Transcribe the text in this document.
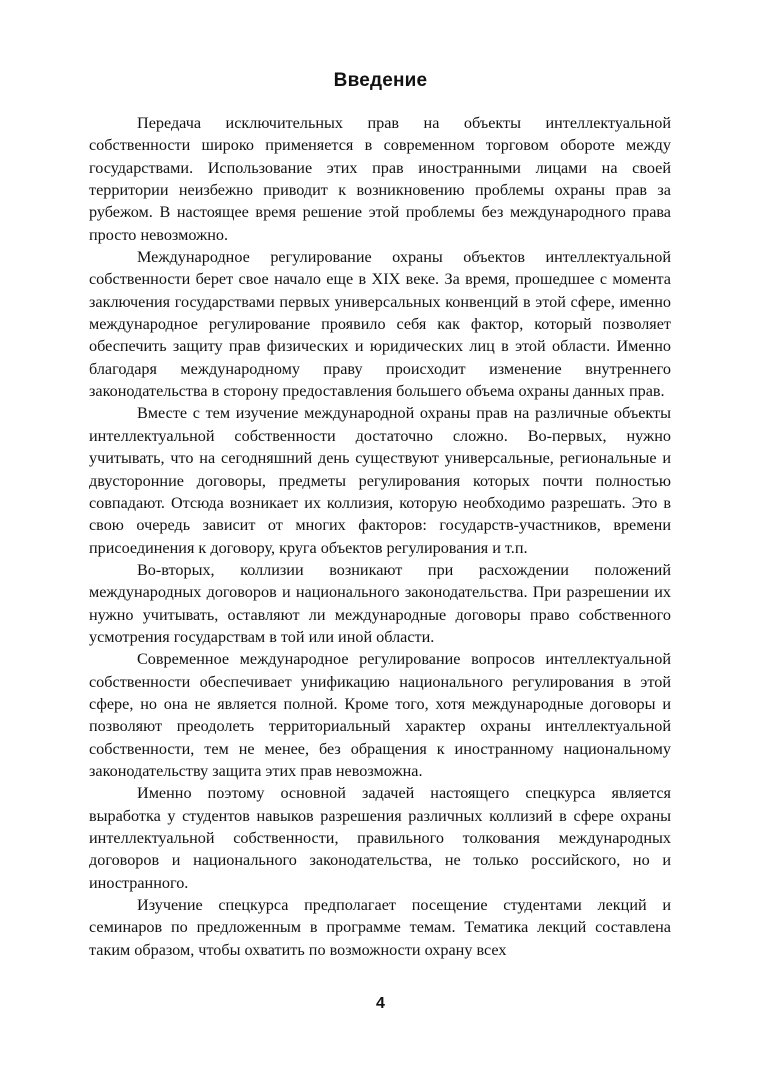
Введение

Передача исключительных прав на объекты интеллектуальной собственности широко применяется в современном торговом обороте между государствами. Использование этих прав иностранными лицами на своей территории неизбежно приводит к возникновению проблемы охраны прав за рубежом. В настоящее время решение этой проблемы без международного права просто невозможно.

Международное регулирование охраны объектов интеллектуальной собственности берет свое начало еще в XIX веке. За время, прошедшее с момента заключения государствами первых универсальных конвенций в этой сфере, именно международное регулирование проявило себя как фактор, который позволяет обеспечить защиту прав физических и юридических лиц в этой области. Именно благодаря международному праву происходит изменение внутреннего законодательства в сторону предоставления большего объема охраны данных прав.

Вместе с тем изучение международной охраны прав на различные объекты интеллектуальной собственности достаточно сложно. Во-первых, нужно учитывать, что на сегодняшний день существуют универсальные, региональные и двусторонние договоры, предметы регулирования которых почти полностью совпадают. Отсюда возникает их коллизия, которую необходимо разрешать. Это в свою очередь зависит от многих факторов: государств-участников, времени присоединения к договору, круга объектов регулирования и т.п.

Во-вторых, коллизии возникают при расхождении положений международных договоров и национального законодательства. При разрешении их нужно учитывать, оставляют ли международные договоры право собственного усмотрения государствам в той или иной области.

Современное международное регулирование вопросов интеллектуальной собственности обеспечивает унификацию национального регулирования в этой сфере, но она не является полной. Кроме того, хотя международные договоры и позволяют преодолеть территориальный характер охраны интеллектуальной собственности, тем не менее, без обращения к иностранному национальному законодательству защита этих прав невозможна.

Именно поэтому основной задачей настоящего спецкурса является выработка у студентов навыков разрешения различных коллизий в сфере охраны интеллектуальной собственности, правильного толкования международных договоров и национального законодательства, не только российского, но и иностранного.

Изучение спецкурса предполагает посещение студентами лекций и семинаров по предложенным в программе темам. Тематика лекций составлена таким образом, чтобы охватить по возможности охрану всех

4
